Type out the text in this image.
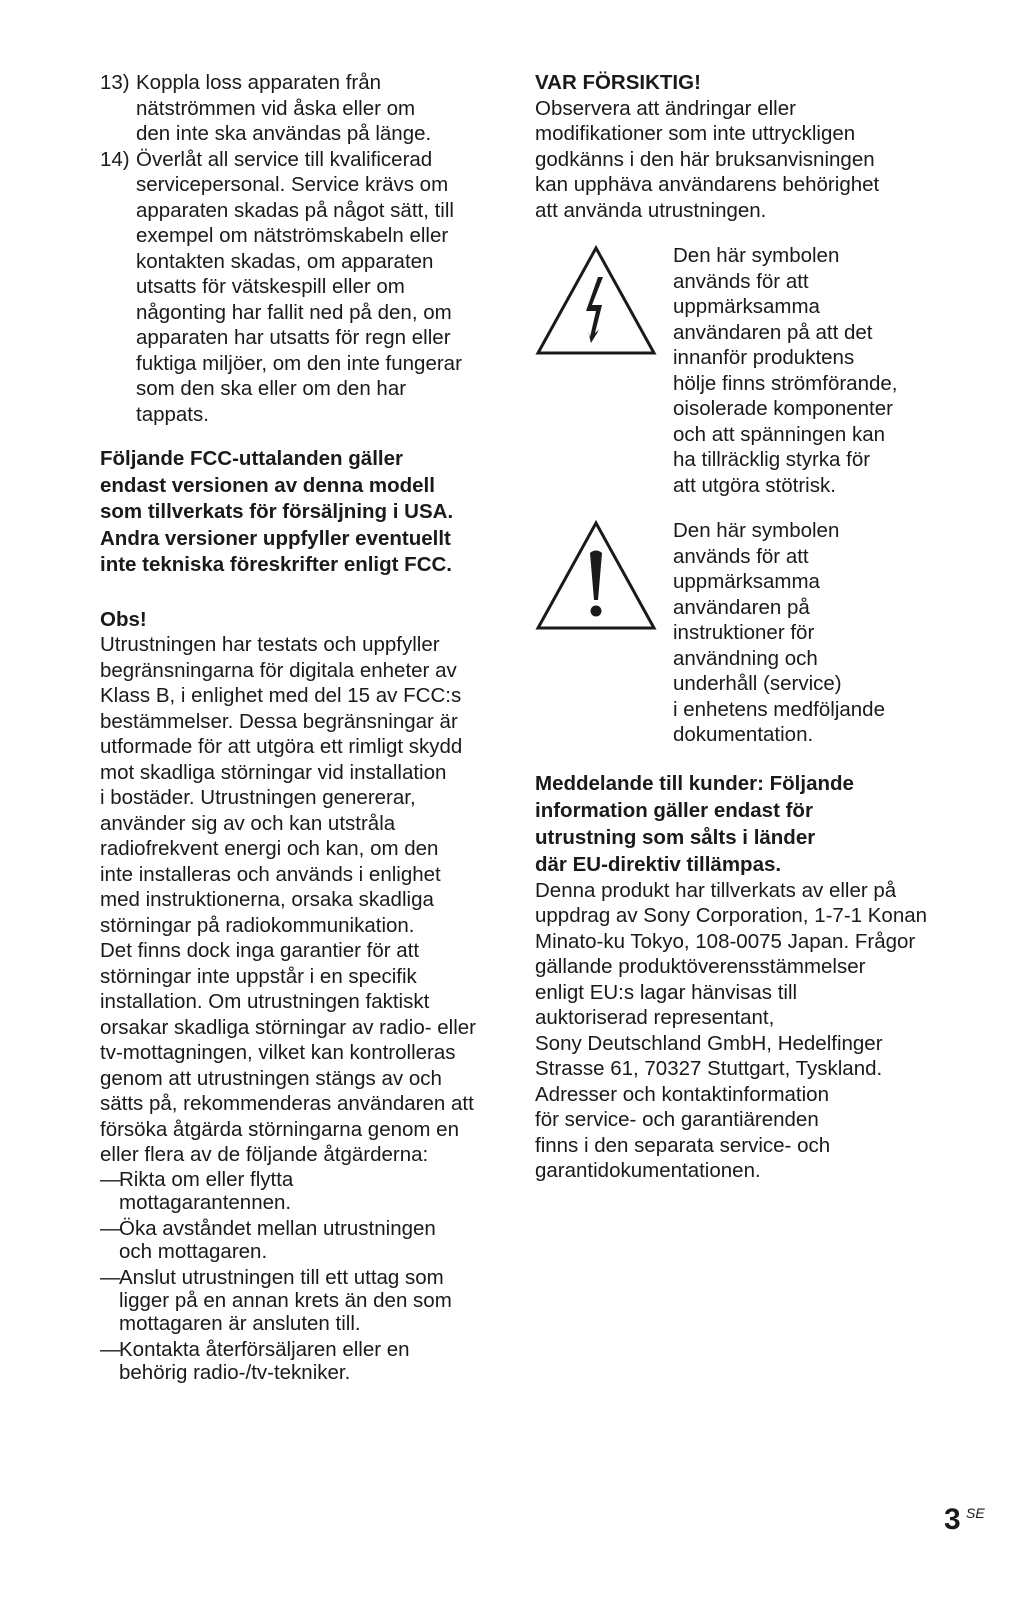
13) Koppla loss apparaten från
nätströmmen vid åska eller om
den inte ska användas på länge.
14) Överlåt all service till kvalificerad
servicepersonal. Service krävs om
apparaten skadas på något sätt, till
exempel om nätströmskabeln eller
kontakten skadas, om apparaten
utsatts för vätskespill eller om
någonting har fallit ned på den, om
apparaten har utsatts för regn eller
fuktiga miljöer, om den inte fungerar
som den ska eller om den har
tappats.
Följande FCC-uttalanden gäller
endast versionen av denna modell
som tillverkats för försäljning i USA.
Andra versioner uppfyller eventuellt
inte tekniska föreskrifter enligt FCC.
Obs!
Utrustningen har testats och uppfyller
begränsningarna för digitala enheter av
Klass B, i enlighet med del 15 av FCC:s
bestämmelser. Dessa begränsningar är
utformade för att utgöra ett rimligt skydd
mot skadliga störningar vid installation
i bostäder. Utrustningen genererar,
använder sig av och kan utstråla
radiofrekvent energi och kan, om den
inte installeras och används i enlighet
med instruktionerna, orsaka skadliga
störningar på radiokommunikation.
Det finns dock inga garantier för att
störningar inte uppstår i en specifik
installation. Om utrustningen faktiskt
orsakar skadliga störningar av radio- eller
tv-mottagningen, vilket kan kontrolleras
genom att utrustningen stängs av och
sätts på, rekommenderas användaren att
försöka åtgärda störningarna genom en
eller flera av de följande åtgärderna:
—
Rikta om eller flytta
mottagarantennen.
—
Öka avståndet mellan utrustningen
och mottagaren.
—
Anslut utrustningen till ett uttag som
ligger på en annan krets än den som
mottagaren är ansluten till.
—
Kontakta återförsäljaren eller en
behörig radio-/tv-tekniker.
VAR FÖRSIKTIG!
Observera att ändringar eller
modifikationer som inte uttryckligen
godkänns i den här bruksanvisningen
kan upphäva användarens behörighet
att använda utrustningen.
Den här symbolen
används för att
uppmärksamma
användaren på att det
innanför produktens
hölje finns strömförande,
oisolerade komponenter
och att spänningen kan
ha tillräcklig styrka för
att utgöra stötrisk.
Den här symbolen
används för att
uppmärksamma
användaren på
instruktioner för
användning och
underhåll (service)
i enhetens medföljande
dokumentation.
Meddelande till kunder: Följande
information gäller endast för
utrustning som sålts i länder
där EU-direktiv tillämpas.
Denna produkt har tillverkats av eller på
uppdrag av Sony Corporation, 1-7-1 Konan
Minato-ku Tokyo, 108-0075 Japan. Frågor
gällande produktöverensstämmelser
enligt EU:s lagar hänvisas till
auktoriserad representant,
Sony Deutschland GmbH, Hedelfinger
Strasse 61, 70327 Stuttgart, Tyskland.
Adresser och kontaktinformation
för service- och garantiärenden
finns i den separata service- och
garantidokumentationen.
3 SE
